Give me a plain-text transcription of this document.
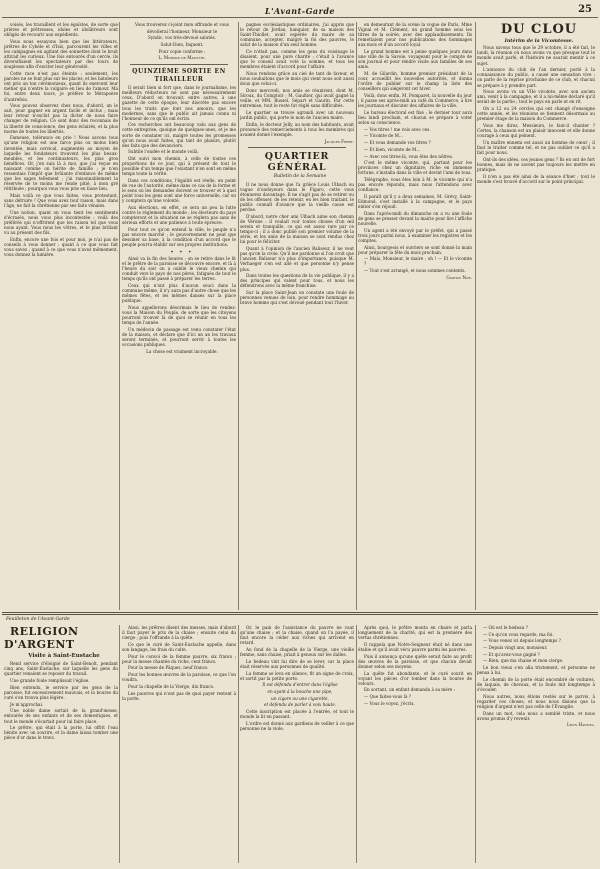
25
L'Avant-Garde

voisés, les travaillent et les égoïstes, de sorte que prières et prétresses, idoles et idolâtreurs sont obligés de recourir aux expédients.

Vous nous essayons bien que les littérateurs, prêtres de Cybèle et d'Isis, parcourent les villes et les campagnes en agitant des sonnettes dont le bruit attirait les curieux. Une fois entourés d'un cercle, ils diversifiaient les spectateurs par des tours de souplesse afin d'exciter leur générosité.

Cette race n'est pas éteinte : seulement, les paroles ne se font plus sur les places, et les bateleurs ont pris un ton cérémonieux, quant ils exercent leur métier qui n'entre la vulgaire en lieu de l'amour. Ma foi, entre deux tours, je préfère le Mérapoère d'autrefois.

Vous pouvez observez chez nous, d'abord, un le sait, pour gagner en argent facile et inclus ; mais leur retour n'exclut pas la dicter de nous faire changer de religion. Ce sont donc des reconnais de la liberté de conscience, des gens éclairés, et la plus morne de toutes les libertés.

Fameuse, tolérance en prie ! Nous savons tous qu'une religion est une farce plus ou moins bien inventée, mais cervical, augmentés au moyen de laquelle les fondateurs trouvent les plus beaux-meubles, et les continuateurs, les plus gros bénéfices. Or, j'en suis là à moi, que j'ai reçue en naissant comme on hérite de famille ; je n'en ressentais l'impôt que brûlante d'enfance de même que les sages tellement ; j'ai raisonnablement la réservée de te moins me rende pitié, à mon gré rétribuée ; pourquoi vous vous prie en fasse lieu.

Mais voilà ce que vous faites, vous protestant, sans détruire ! Que vous avez tout raison, mais dans l'âge, ne fait la chrétienne par ses faits vénales.

Une notion, quant on vous tient les sentiments d'écrasés, nous vous plus incontestée : voilà des préférés qui n'offrirent que les raison tel que vous nous ayant. Vous nous les vôtres, et le plus brillant vu au présent des fils.

Enfin, encore une fois et pour moi, je n'ai pas de conseils à vous donner ; quant à ce que vous fait vous savez ; quand à ce que vous n'avez mêmement, vous donnez la lumière.

Vous trouverez ci-joint mon offrande et vous

dévoilerai l'honneur, Monsieur le

Syndic, vos très-dévoué salutés.

Salut-Dien, Inquent.

Pour copie conforme :

L. Morand de Mavotte.

QUINZIÈME SORTIE EN TIRAILLEUR

Il serait bien si fort que, dans le journalisme, les meilleurs rédacteurs ne sont pas nécessairement ceux. D'abord on trouvait, entre autres, à une gazette de cette époque, leur discrète pas encore tous les traits que font nos amours, que les modernes, sans que le public ait jamais connu ni l'honneur de ce qu'ils ont écrits.

Ces recherches ont beaucoup valu aux gens de cette entreprise, quoique de quelques-unes, et je me sorte de constater ici, malgré toutes les promesses qu'on nous avait faites, qui tant de plaisirs, plutôt des faits que des devanciers.

Subtile l'ondée et le monde voilà.

Ont suivi mon chemin, à celle de toutes ces proportions de ce jour, qui à présent de tout le possible d'un temps que l'existant n'en sont en même temps toute la vérité.

Dans ces conditions, l'égalité est réelle, en point de vue de l'autorité, même dans ce cas de la forme et le sens où les demandes doivent se trouver et à quel point tous les gens sont une force universelle, car on y comptera qu'une volonté.

Aux élections, en effet, ce sera un peu la lutte contre le règlement du monde ; les électeurs du pays compteront et la situation ne se règlera pas sans de sérieux efforts et une patience à toute épreuve.

Pour tout ce qu'on entend la ville, le peuple n'a pas encore marché ; le gouvernement ne peut que dessiner sa base, à la condition d'un accord que le peuple pourra établir sur ses propres institutions.

✦ ✦ ✦

Ainsi va la fin des heures ; on se retire dans le lit et le prêtre de la paroisse se découvre encore, et là à l'heure du soir on a oublié le vieux chemin qui conduit vers le pays de nos pères, fatigués de tout le temps qu'ils ont passé à préparer les terres.

Ceux qui n'ont plus d'aucun souci dans la commune même, il n'y aura pas d'autre chose que les mêmes fêtes, et les mêmes danses sur la place publique.

Nous appellerons désormais le lieu de rendez-vous la Maison du Peuple, de sorte que les citoyens pourront trouver là de quoi se réunir en tous les temps de l'année.

Un médecin de passage est venu constater l'état de la maison, et déclare que d'ici un an les travaux seront terminés, et pourront servir à toutes les occasions publiques.

La chose est vraiment incroyable.

pagnes ecclésiastiques ordinaires, j'ai appris que le retour de Jordan, banquier, de sa maison des Saint-Thiollet, avait espérée du maire de sa commune, accepter, malgré la foi des pauvres, le salut de la maison d'un seul homme.

Ce n'était pas, comme les gens du voisinage le disaient, pour une pure charité ; c'était à l'avance que le conseil avait voté la somme, et tous les membres étaient d'accord pour l'affaire.

Nous rendons grâce au ciel de tant de faveur, et nous souhaitons que le mois qui vient nous soit aussi doux que celui-ci.

Donc mercredi, nos amis se réunirent, dont M. Siroux, du Comptoir ; M. Gaultier, qui avait gagné la veille, et MM. Bussel, Sépart et Gaurin. Par cette entremise, tout le reste fut réglé sans difficultés.

Le quartier se trouve agrandi avec un nouveau jardin public, qui porte le nom de l'ancien maire.

Enfin, le docteur Jolly, au nom des habitants, avait prononcé des remerciements à tous les membres qui avaient donné l'exemple.

Jacques Ferry.

QUARTIER GÉNÉRAL

Bulletin de la Semaine

Il ne nous donne que l'a grièce Louis Ulbach ou vague d'ondoyeurs dans le Figaro, cette vous étonnerez davantage. Il ne s'agit pas de se retirer ou de les offenser, de les retenir, en les bien traitant, le public connaît d'avance que la vieille cause est perdue.

D'abord, notre cher ami Ulbach aime son chemin de Vérone : il voulait voir toutes choses d'un œil serein et tranquille, ce qui est assez rare par ce temps-ci ; il a donc publié son premier volume de la série, et les amis de la maison se sont rendus chez lui pour le féliciter.

Quant à l'opinion de l'ancien Baliseur, il ne veut pas qu'on la croie. Qu'il me pardonne si l'on croit que l'ancien Baliseur n'a plus d'importance, puisque M. Verhaeger s'en est allé et que personne n'y pense plus.

Dans toutes les questions de la vie publique, il y a des principes qui valent pour tous, et nous les défendrons avec la même franchise.

Sur la place Saint-Jean on constate une foule de personnes venues de loin, pour rendre hommage au brave homme qui s'est dévoué pendant tout l'hiver.

en demeurant de la scène la vogue de Paris, Mme Vignal et M. Clément, un grand homme sous les titres de la soirée, avec des applaudissements. Ils remettaient pour nos publications des hommages aux mois et d'un accord loyal.

Le grand homme est à peine quelques jours dans une ville de la Savoie, voyageant pour le compte de son journal et pour rendre visite aux familles de ses amis.

M. de Gilardin, homme premier présidant de la cour, accueillit les nouvelles autorités, et donna l'ordre de publier sur le champ la liste des conseillers qui siégeront cet hiver.

Voilà, donc enfin, M. Pomparet, la nouvelle du jour ; il passe ses après-midi au café du Commerce, à lire les journaux et discuter des affaires de la ville.

Le bureau électoral est fixé ; le dernier tour aura lieu lundi prochain, et chacun se prépare à voter selon sa conscience.

— Vos titres ! me vois avec ces.

— Vicomte de M...

— Et vous demande vos titres ?

— Et bien, vicomte de M...

— Avec ces titres-là, vous êtes des nôtres.

C'est le même vicomte, qui, partant pour les provinces chez un dignitaire, riche en immense fortune, s'installa dans la ville et devint l'ami de tous.

Télégraphe, vous êtes loin à M. le vicomte qui n'a pas encore répondu, mais nous l'attendons avec confiance.

Il paraît qu'il y a deux semaines, M. Grévy, Saint-Edmond, s'est installé à la campagne, et le pays entier s'en réjouit.

Dans l'après-midi du dimanche on a vu une foule de gens se presser devant la mairie pour lire l'affiche nouvelle.

Un agent a été envoyé par le préfet, qui a passé trois jours parmi nous, à examiner les registres et les comptes.

Ainsi, bourgeois et ouvriers se sont donné la main pour préparer la fête du mois prochain.

— Mais, Monsieur, le maire ; oh ! — Et le vicomte ?

— Tout s'est arrangé, et nous sommes contents.

Gaston Noé.

DU CLOU

Intérim de la Vicomtesse.

Nous savons tous que le 29 octobre, il a été fait, le lundi, la réunion où nous avons vu que presque tout le monde avait parlé, et l'histoire ne saurait mentir à ce sujet.

L'annonce du club de l'an dernier, porté à la connaissance du public, a causé une sensation vive ; on parle de la reprise prochaine de ce club, et chacun se prépare à y prendre part.

Nous avons vu un VIIe vicomte, avec son ancien ami, venir à la campagne, et il a lui-même déclaré qu'il serait de la partie ; tout le pays en parle et en rit.

On a 12 ou 24 cercles qui ont changé d'enseigne cette année, et les réunions se tiennent désormais au premier étage de la maison du Commerce.

Vous me direz, Messieurs, le faut-il chanter ? Certes, la chanson est un plaisir innocent et elle donne courage à ceux qui peinent.

Un maître ennemi est aussi un homme de cœur ; il faut le traiter comme tel, et ne pas oublier ce qu'il a fait pour nous.

Ont-ils des idées, ces jeunes gens ? Ils en ont de fort bonnes, mais ils ne savent pas toujours les mettre en pratique.

Il n'en a pas été ainsi de la séance d'hier ; tout le monde s'est trouvé d'accord sur le point principal.

Feuilleton de l'Avant-Garde

RELIGION D'ARGENT

Visite à Saint-Eustache

Rend service d'éloigné de Saint-Benoît, pendant cinq ans, Saint-Eustache, sur laquelle les gens du quartier venaient se reposer du travail.

Une grande foule remplissait l'église.

Bien entendu, le service par les gens de la paroisse, fut excessivement mauvais, et la bourse du curé s'en trouva plus légère.

Je m'approchai.

Une noble dame sortait de la grand'messe, entourée de ses enfants et de ses domestiques, et tout le monde s'écartait pour lui faire place.

Le prêtre, qui était à la porte, lui offrit l'eau bénite avec un sourire, et la dame laissa tomber une pièce d'or dans le tronc.

Ainsi, les prêtres disent des messes, mais d'abord il faut payer le prix de la chaise ; ensuite celui du cierge ; puis l'offrande à la quête.

Ce que le curé de Saint-Eustache appelle, dans son langage, les frais du culte.

Pour le convoi de la femme pauvre, six francs ; pour la messe chantée du riche, cent francs.

Pour la messe de Pâques, neuf francs.

Pour les bonnes œuvres de la paroisse, ce que l'on voudra.

Pour la chapelle de la Vierge, dix francs.

Les pauvres qui n'ont pas de quoi payer restent à la porte.

Or, le pain de l'assistance du pauvre ne vaut qu'une chaise ; et la chaise, quand on l'a payée, il faut encore la céder aux riches qui arrivent en retard.

Au fond de la chapelle de la Vierge, une vieille femme, sans chaise, priait à genoux sur les dalles.

Le bedeau vint lui dire de se lever, car la place était réservée aux personnes de qualité.

La femme se leva en silence, fit un signe de croix, et sortit par la petite porte.

Il est défendu d'entrer dans l'église

en ayant à la bouche une pipe,

un cigare ou une cigarette,

et défendu de parler à voix haute.

Cette inscription est placée à l'entrée, et tout le monde la lit en passant.

L'ordre est donné aux gardiens de veiller à ce que personne ne la viole.

Après quoi, le prêtre monta en chaire et parla longuement de la charité, qui est la première des vertus chrétiennes.

Il rappela que Notre-Seigneur était né dans une étable et qu'il avait vécu pauvre parmi les pauvres.

Puis il annonça qu'une quête serait faite au profit des œuvres de la paroisse, et que chacun devait donner selon ses moyens.

La quête fut abondante, et le curé sourit en voyant les pièces d'or tomber dans la bourse de velours.

En sortant, un enfant demanda à sa mère :

— Que faites-vous là ?

— Vous le voyez, j'écris.

— Où est le bedeau ?

— Ce qu'on vous regarde, ma foi.

— Vous venez ici depuis longtemps ?

— Depuis vingt ans, monsieur.

— Et qu'avez-vous gagné ?

— Rien, que ma chaise et mon cierge.

Le bon vieux s'en alla tristement, et personne ne pensa à lui.

Le chemin de la porte était encombré de voitures, de laquais, de chevaux, et la foule mit longtemps à s'écouler.

Nous autres, nous étions restés sur le parvis, à regarder ces choses, et nous nous disions que la religion d'argent n'est pas celle de l'Évangile.

Dans un mot, cela nous a semblé triste, et nous avons promis d'y revenir.

Léon Hannel.
